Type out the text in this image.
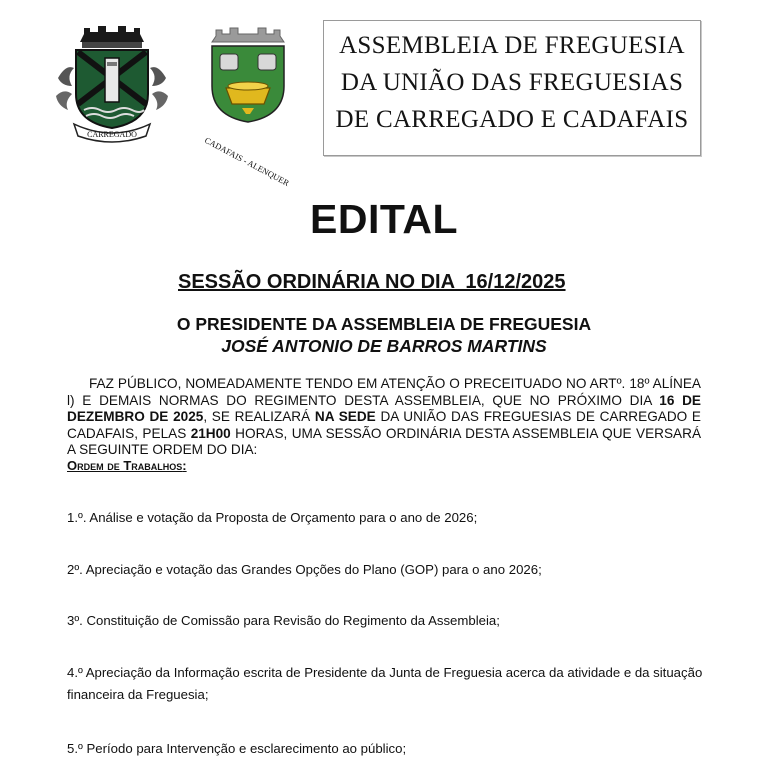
CARREGADO
CADAFAIS - ALENQUER
ASSEMBLEIA DE FREGUESIA
DA UNIÃO DAS FREGUESIAS
DE CARREGADO E CADAFAIS
EDITAL
SESSÃO ORDINÁRIA NO DIA  16/12/2025
O PRESIDENTE DA ASSEMBLEIA DE FREGUESIA
JOSÉ ANTONIO DE BARROS MARTINS
FAZ PÚBLICO, NOMEADAMENTE TENDO EM ATENÇÃO O PRECEITUADO NO ARTº. 18º ALÍNEA l) E DEMAIS NORMAS DO REGIMENTO DESTA ASSEMBLEIA, QUE NO PRÓXIMO DIA 16 DE DEZEMBRO DE 2025, SE REALIZARÁ NA SEDE DA UNIÃO DAS FREGUESIAS DE CARREGADO E CADAFAIS, PELAS 21H00 HORAS, UMA SESSÃO ORDINÁRIA DESTA ASSEMBLEIA QUE VERSARÁ A SEGUINTE ORDEM DO DIA:
Ordem de Trabalhos:
1.º. Análise e votação da Proposta de Orçamento para o ano de 2026;
2º. Apreciação e votação das Grandes Opções do Plano (GOP) para o ano 2026;
3º. Constituição de Comissão para Revisão do Regimento da Assembleia;
4.º Apreciação da Informação escrita de Presidente da Junta de Freguesia acerca da atividade e da situação financeira da Freguesia;
5.º Período para Intervenção e esclarecimento ao público;
